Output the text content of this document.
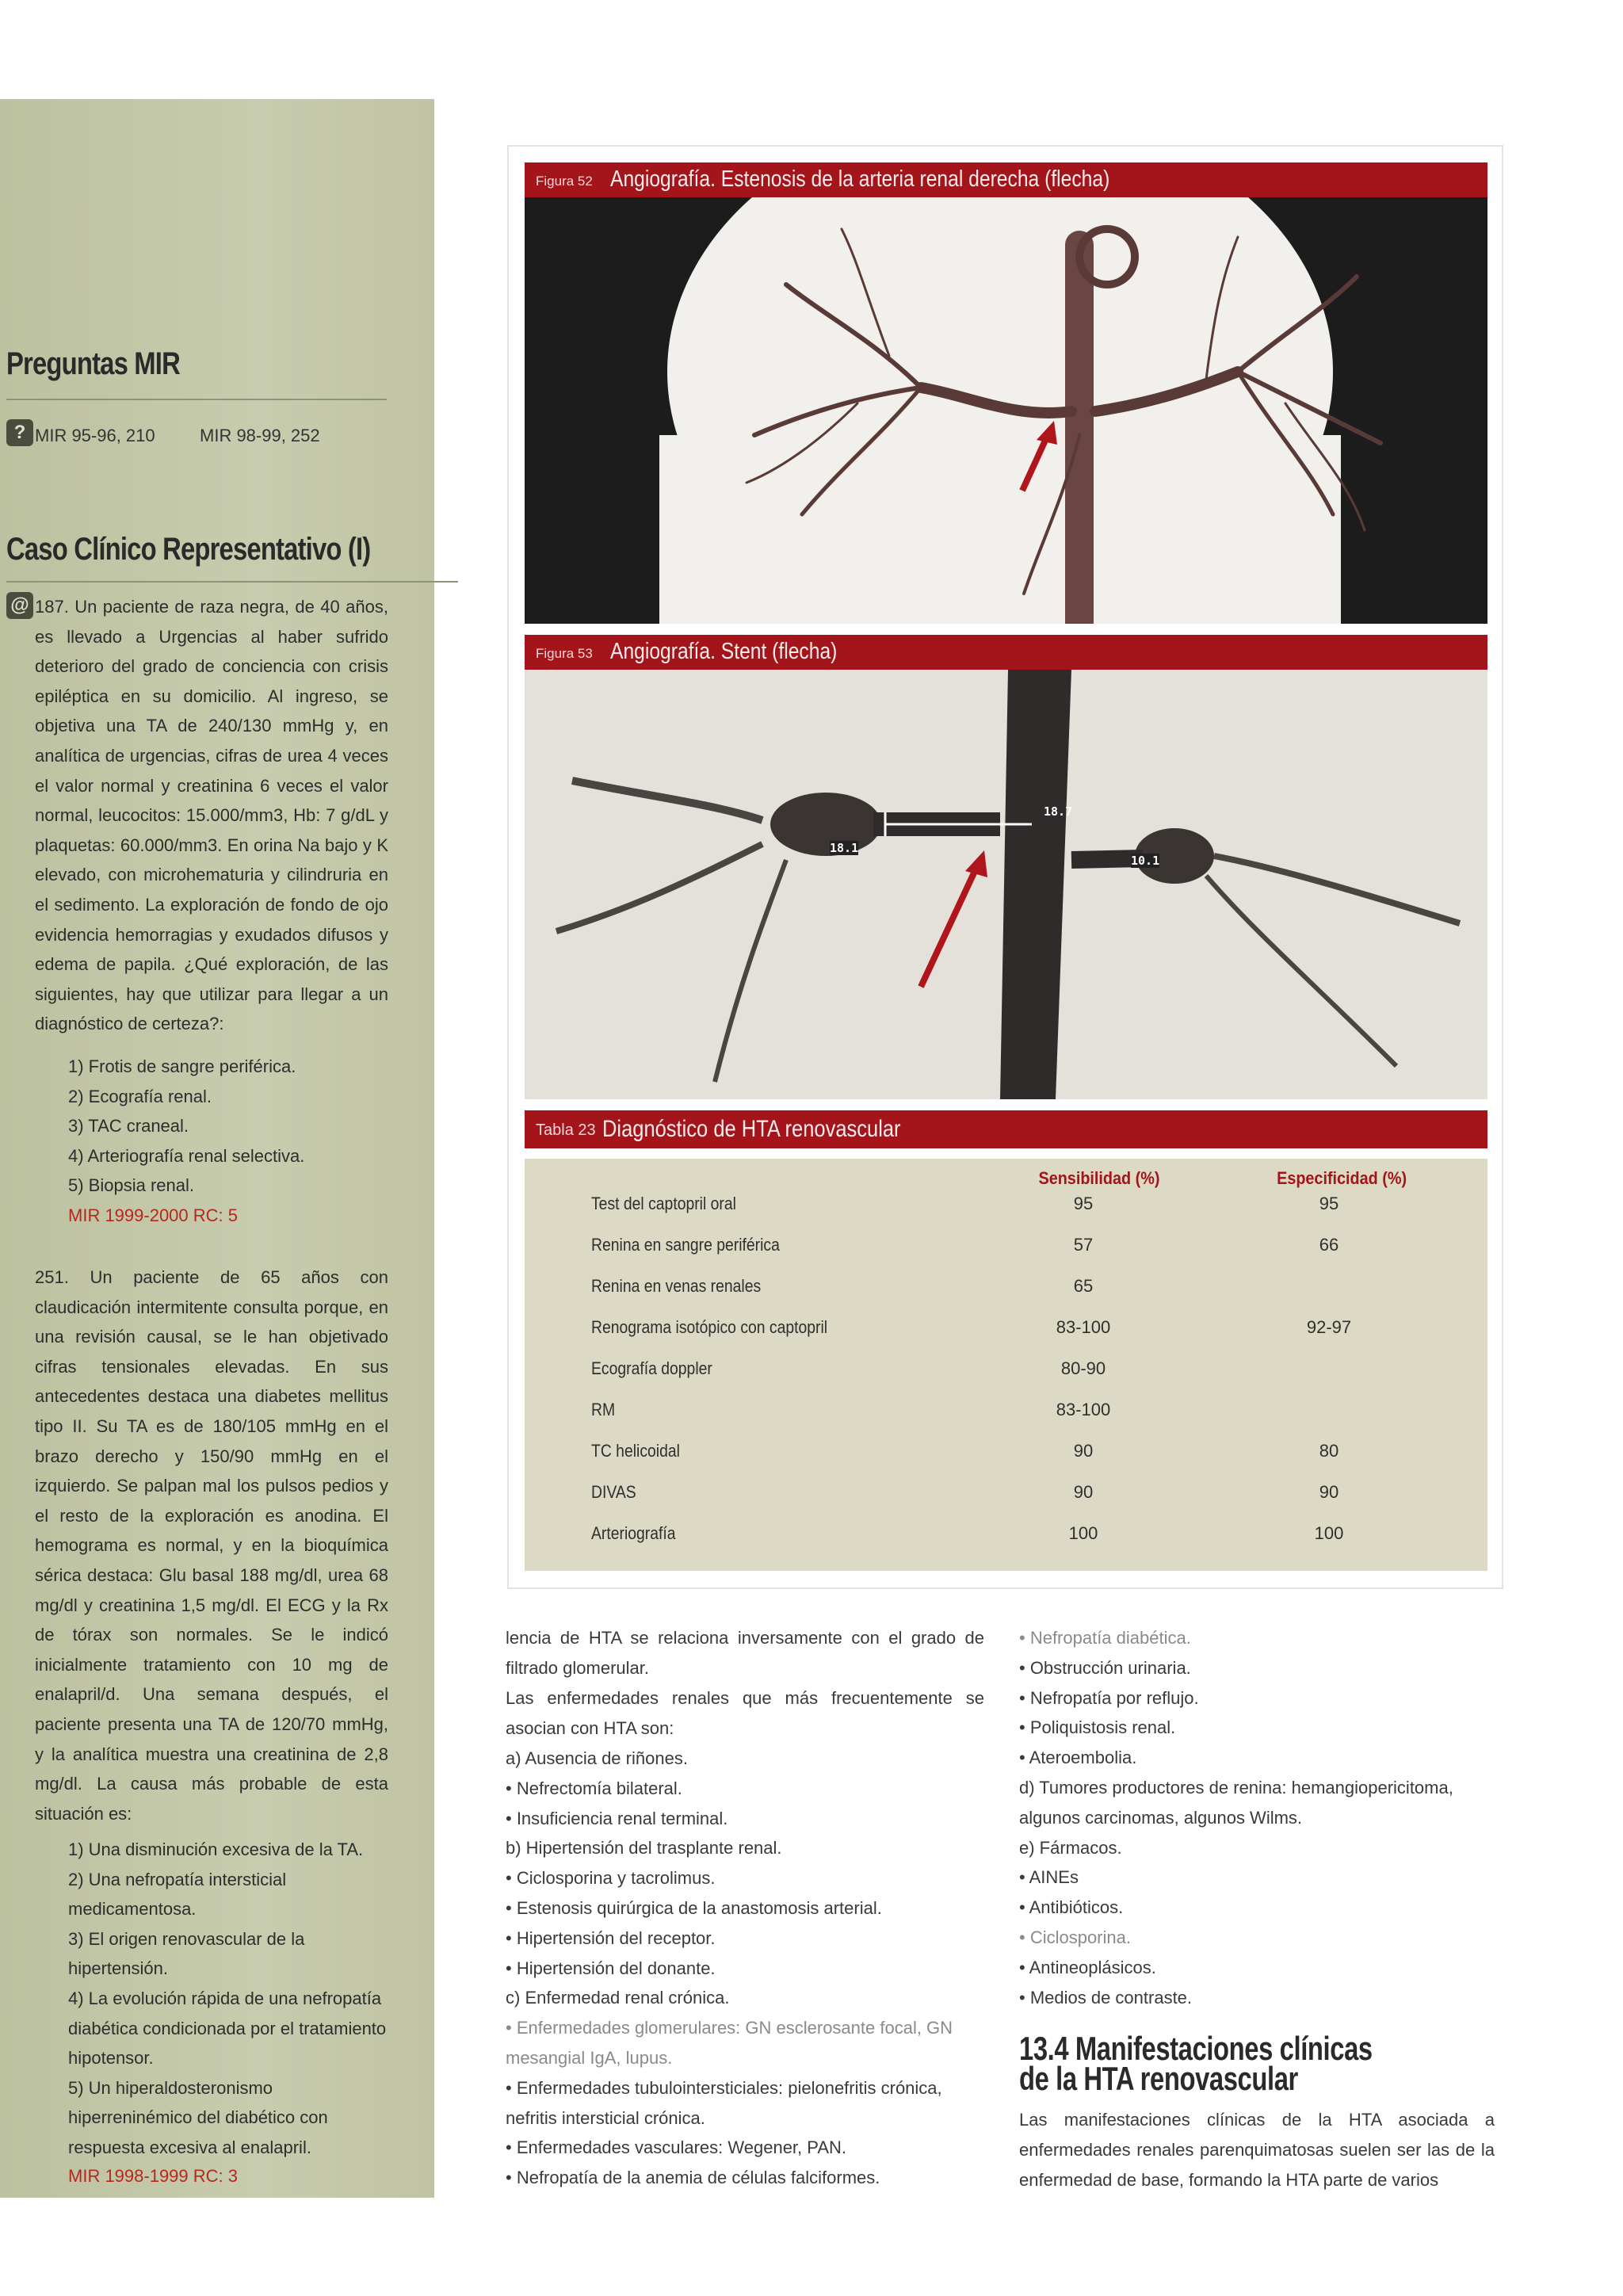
Preguntas MIR
? MIR 95-96, 210	MIR 98-99, 252
Caso Clínico Representativo (I)
@ 187. Un paciente de raza negra, de 40 años, es llevado a Urgencias al haber sufrido deterioro del grado de conciencia con crisis epiléptica en su domicilio. Al ingreso, se objetiva una TA de 240/130 mmHg y, en analítica de urgencias, cifras de urea 4 veces el valor normal y creatinina 6 veces el valor normal, leucocitos: 15.000/mm3, Hb: 7 g/dL y plaquetas: 60.000/mm3. En orina Na bajo y K elevado, con microhematuria y cilindruria en el sedimento. La exploración de fondo de ojo evidencia hemorragias y exudados difusos y edema de papila. ¿Qué exploración, de las siguientes, hay que utilizar para llegar a un diagnóstico de certeza?:

1) Frotis de sangre periférica.
2) Ecografía renal.
3) TAC craneal.
4) Arteriografía renal selectiva.
5) Biopsia renal.
MIR 1999-2000 RC: 5

251. Un paciente de 65 años con claudicación intermitente consulta porque, en una revisión causal, se le han objetivado cifras tensionales elevadas. En sus antecedentes destaca una diabetes mellitus tipo II. Su TA es de 180/105 mmHg en el brazo derecho y 150/90 mmHg en el izquierdo. Se palpan mal los pulsos pedios y el resto de la exploración es anodina. El hemograma es normal, y en la bioquímica sérica destaca: Glu basal 188 mg/dl, urea 68 mg/dl y creatinina 1,5 mg/dl. El ECG y la Rx de tórax son normales. Se le indicó inicialmente tratamiento con 10 mg de enalapril/d. Una semana después, el paciente presenta una TA de 120/70 mmHg, y la analítica muestra una creatinina de 2,8 mg/dl. La causa más probable de esta situación es:

1) Una disminución excesiva de la TA.
2) Una nefropatía intersticial medicamentosa.
3) El origen renovascular de la hipertensión.
4) La evolución rápida de una nefropatía diabética condicionada por el tratamiento hipotensor.
5) Un hiperaldosteronismo hiperreninémico del diabético con respuesta excesiva al enalapril.
MIR 1998-1999 RC: 3
Figura 52 Angiografía. Estenosis de la arteria renal derecha (flecha)
Figura 53 Angiografía. Stent (flecha)
18.7
18.1
10.1
Tabla 23 Diagnóstico de HTA renovascular
Sensibilidad (%)	Especificidad (%)
Test del captopril oral	95	95
Renina en sangre periférica	57	66
Renina en venas renales	65
Renograma isotópico con captopril	83-100	92-97
Ecografía doppler	80-90
RM	83-100
TC helicoidal	90	80
DIVAS	90	90
Arteriografía	100	100

lencia de HTA se relaciona inversamente con el grado de filtrado glomerular.

Las enfermedades renales que más frecuentemente se asocian con HTA son:

a) Ausencia de riñones.
• Nefrectomía bilateral.
• Insuficiencia renal terminal.
b) Hipertensión del trasplante renal.
• Ciclosporina y tacrolimus.
• Estenosis quirúrgica de la anastomosis arterial.
• Hipertensión del receptor.
• Hipertensión del donante.
c) Enfermedad renal crónica.
• Enfermedades glomerulares: GN esclerosante focal, GN mesangial IgA, lupus.
• Enfermedades tubulointersticiales: pielonefritis crónica, nefritis intersticial crónica.
• Enfermedades vasculares: Wegener, PAN.
• Nefropatía de la anemia de células falciformes.
• Nefropatía diabética.
• Obstrucción urinaria.
• Nefropatía por reflujo.
• Poliquistosis renal.
• Ateroembolia.
d) Tumores productores de renina: hemangiopericitoma, algunos carcinomas, algunos Wilms.
e) Fármacos.
• AINEs
• Antibióticos.
• Ciclosporina.
• Antineoplásicos.
• Medios de contraste.
13.4 Manifestaciones clínicas
de la HTA renovascular

Las manifestaciones clínicas de la HTA asociada a enfermedades renales parenquimatosas suelen ser las de la enfermedad de base, formando la HTA parte de varios
